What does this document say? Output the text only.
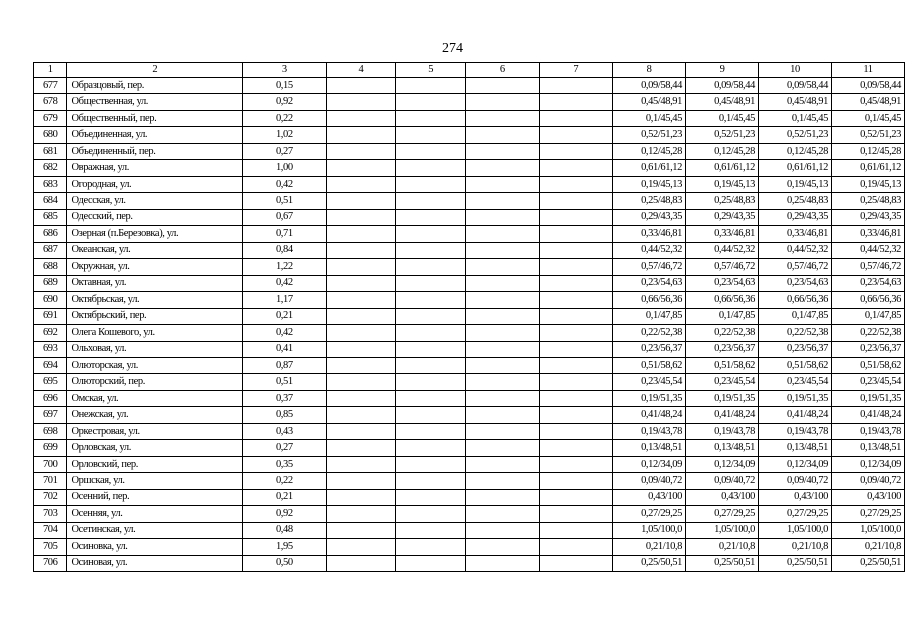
274
1	2	3	4	5	6	7	8	9	10	11
677	Образцовый, пер.	0,15					0,09/58,44	0,09/58,44	0,09/58,44	0,09/58,44
678	Общественная, ул.	0,92					0,45/48,91	0,45/48,91	0,45/48,91	0,45/48,91
679	Общественный, пер.	0,22					0,1/45,45	0,1/45,45	0,1/45,45	0,1/45,45
680	Объединенная, ул.	1,02					0,52/51,23	0,52/51,23	0,52/51,23	0,52/51,23
681	Объединенный, пер.	0,27					0,12/45,28	0,12/45,28	0,12/45,28	0,12/45,28
682	Овражная, ул.	1,00					0,61/61,12	0,61/61,12	0,61/61,12	0,61/61,12
683	Огородная, ул.	0,42					0,19/45,13	0,19/45,13	0,19/45,13	0,19/45,13
684	Одесская, ул.	0,51					0,25/48,83	0,25/48,83	0,25/48,83	0,25/48,83
685	Одесский, пер.	0,67					0,29/43,35	0,29/43,35	0,29/43,35	0,29/43,35
686	Озерная (п.Березовка), ул.	0,71					0,33/46,81	0,33/46,81	0,33/46,81	0,33/46,81
687	Океанская, ул.	0,84					0,44/52,32	0,44/52,32	0,44/52,32	0,44/52,32
688	Окружная, ул.	1,22					0,57/46,72	0,57/46,72	0,57/46,72	0,57/46,72
689	Октавная, ул.	0,42					0,23/54,63	0,23/54,63	0,23/54,63	0,23/54,63
690	Октябрьская, ул.	1,17					0,66/56,36	0,66/56,36	0,66/56,36	0,66/56,36
691	Октябрьский, пер.	0,21					0,1/47,85	0,1/47,85	0,1/47,85	0,1/47,85
692	Олега Кошевого, ул.	0,42					0,22/52,38	0,22/52,38	0,22/52,38	0,22/52,38
693	Ольховая, ул.	0,41					0,23/56,37	0,23/56,37	0,23/56,37	0,23/56,37
694	Олюторская, ул.	0,87					0,51/58,62	0,51/58,62	0,51/58,62	0,51/58,62
695	Олюторский, пер.	0,51					0,23/45,54	0,23/45,54	0,23/45,54	0,23/45,54
696	Омская, ул.	0,37					0,19/51,35	0,19/51,35	0,19/51,35	0,19/51,35
697	Онежская, ул.	0,85					0,41/48,24	0,41/48,24	0,41/48,24	0,41/48,24
698	Оркестровая, ул.	0,43					0,19/43,78	0,19/43,78	0,19/43,78	0,19/43,78
699	Орловская, ул.	0,27					0,13/48,51	0,13/48,51	0,13/48,51	0,13/48,51
700	Орловский, пер.	0,35					0,12/34,09	0,12/34,09	0,12/34,09	0,12/34,09
701	Оршская, ул.	0,22					0,09/40,72	0,09/40,72	0,09/40,72	0,09/40,72
702	Осенний, пер.	0,21					0,43/100	0,43/100	0,43/100	0,43/100
703	Осенняя, ул.	0,92					0,27/29,25	0,27/29,25	0,27/29,25	0,27/29,25
704	Осетинская, ул.	0,48					1,05/100,0	1,05/100,0	1,05/100,0	1,05/100,0
705	Осиновка, ул.	1,95					0,21/10,8	0,21/10,8	0,21/10,8	0,21/10,8
706	Осиновая, ул.	0,50					0,25/50,51	0,25/50,51	0,25/50,51	0,25/50,51
